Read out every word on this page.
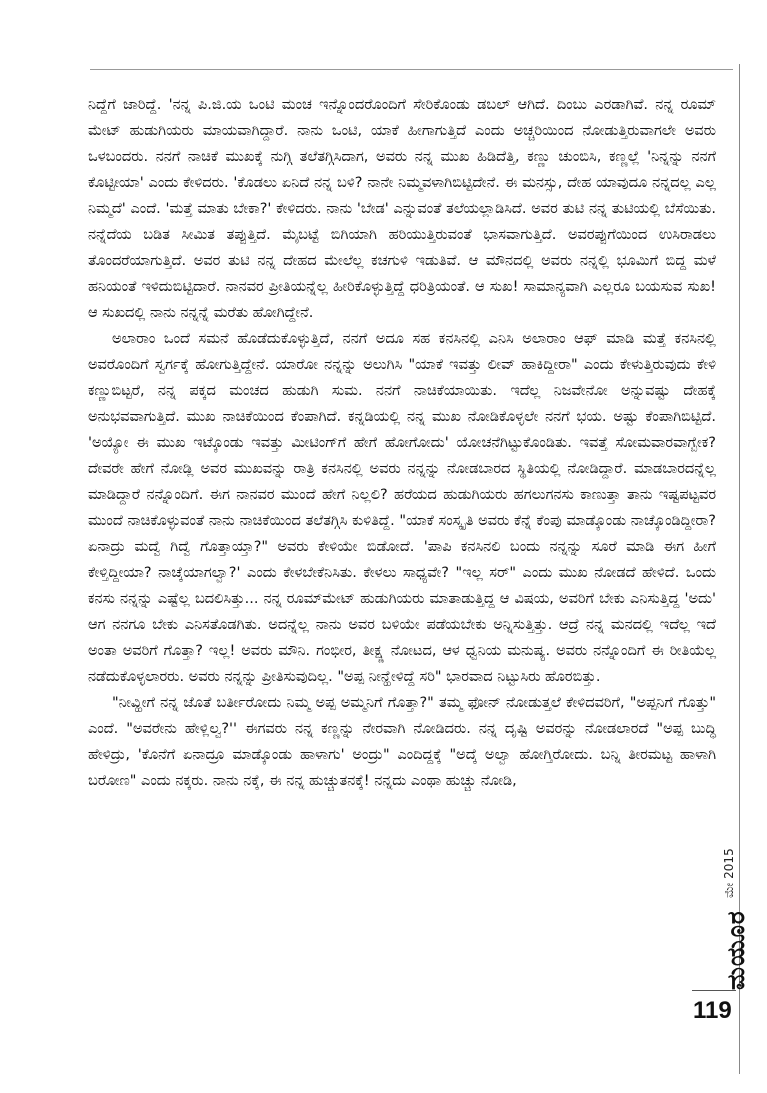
ನಿದ್ದೆಗೆ ಜಾರಿದ್ದೆ. 'ನನ್ನ ಪಿ.ಜಿ.ಯ ಒಂಟಿ ಮಂಚ ಇನ್ನೊಂದರೊಂದಿಗೆ ಸೇರಿಕೊಂಡು ಡಬಲ್ ಆಗಿದೆ. ದಿಂಬು ಎರಡಾಗಿವೆ. ನನ್ನ ರೂಮ್ ಮೇಟ್ ಹುಡುಗಿಯರು ಮಾಯವಾಗಿದ್ದಾರೆ. ನಾನು ಒಂಟಿ, ಯಾಕೆ ಹೀಗಾಗುತ್ತಿದೆ ಎಂದು ಅಚ್ಚರಿಯಿಂದ ನೋಡುತ್ತಿರುವಾಗಲೇ ಅವರು ಒಳಬಂದರು. ನನಗೆ ನಾಚಿಕೆ ಮುಖಕ್ಕೆ ನುಗ್ಗಿ ತಲೆತಗ್ಗಿಸಿದಾಗ, ಅವರು ನನ್ನ ಮುಖ ಹಿಡಿದೆತ್ತಿ, ಕಣ್ಣು ಚುಂಬಿಸಿ, ಕಣ್ಣಲ್ಲೆ 'ನಿನ್ನನ್ನು ನನಗೆ ಕೊಟ್ಟೀಯಾ' ಎಂದು ಕೇಳಿದರು. 'ಕೊಡಲು ಏನಿದೆ ನನ್ನ ಬಳಿ? ನಾನೇ ನಿಮ್ಮವಳಾಗಿಬಿಟ್ಟಿದೇನೆ. ಈ ಮನಸ್ಸು, ದೇಹ ಯಾವುದೂ ನನ್ನದಲ್ಲ ಎಲ್ಲ ನಿಮ್ಮದೆ' ಎಂದೆ. 'ಮತ್ತೆ ಮಾತು ಬೇಕಾ?' ಕೇಳಿದರು. ನಾನು 'ಬೇಡ' ಎನ್ನುವಂತೆ ತಲೆಯಲ್ಲಾಡಿಸಿದೆ. ಅವರ ತುಟಿ ನನ್ನ ತುಟಿಯಲ್ಲಿ ಬೆಸೆಯಿತು. ನನ್ನೆದೆಯ ಬಡಿತ ಸೀಮಿತ ತಪ್ಪುತ್ತಿದೆ. ಮೈಬಟ್ಟೆ ಬಿಗಿಯಾಗಿ ಹರಿಯುತ್ತಿರುವಂತೆ ಭಾಸವಾಗುತ್ತಿದೆ. ಅವರಪ್ಪುಗೆಯಿಂದ ಉಸಿರಾಡಲು ತೊಂದರೆಯಾಗುತ್ತಿದೆ. ಅವರ ತುಟಿ ನನ್ನ ದೇಹದ ಮೇಲೆಲ್ಲ ಕಚಗುಳಿ ಇಡುತಿವೆ. ಆ ಮೌನದಲ್ಲಿ ಅವರು ನನ್ನಲ್ಲಿ ಭೂಮಿಗೆ ಬಿದ್ದ ಮಳೆ ಹನಿಯಂತೆ ಇಳಿದುಬಿಟ್ಟಿದಾರೆ. ನಾನವರ ಪ್ರೀತಿಯನ್ನೆಲ್ಲ ಹೀರಿಕೊಳ್ಳುತ್ತಿದ್ದೆ ಧರಿತ್ರಿಯಂತೆ. ಆ ಸುಖ! ಸಾಮಾನ್ಯವಾಗಿ ಎಲ್ಲರೂ ಬಯಸುವ ಸುಖ! ಆ ಸುಖದಲ್ಲಿ ನಾನು ನನ್ನನ್ನೆ ಮರೆತು ಹೋಗಿದ್ದೇನೆ.

ಅಲಾರಾಂ ಒಂದೆ ಸಮನೆ ಹೊಡೆದುಕೊಳ್ಳುತ್ತಿದೆ, ನನಗೆ ಅದೂ ಸಹ ಕನಸಿನಲ್ಲಿ ಎನಿಸಿ ಅಲಾರಾಂ ಆಫ್ ಮಾಡಿ ಮತ್ತೆ ಕನಸಿನಲ್ಲಿ ಅವರೊಂದಿಗೆ ಸ್ವರ್ಗಕ್ಕೆ ಹೋಗುತ್ತಿದ್ದೇನೆ. ಯಾರೋ ನನ್ನನ್ನು ಅಲುಗಿಸಿ "ಯಾಕೆ ಇವತ್ತು ಲೀವ್ ಹಾಕಿದ್ದೀರಾ" ಎಂದು ಕೇಳುತ್ತಿರುವುದು ಕೇಳಿ ಕಣ್ಣುಬಿಟ್ಟರೆ, ನನ್ನ ಪಕ್ಕದ ಮಂಚದ ಹುಡುಗಿ ಸುಮ. ನನಗೆ ನಾಚಿಕೆಯಾಯಿತು. ಇದೆಲ್ಲ ನಿಜವೇನೋ ಅನ್ನುವಷ್ಟು ದೇಹಕ್ಕೆ ಅನುಭವವಾಗುತ್ತಿದೆ. ಮುಖ ನಾಚಿಕೆಯಿಂದ ಕೆಂಪಾಗಿದೆ. ಕನ್ನಡಿಯಲ್ಲಿ ನನ್ನ ಮುಖ ನೋಡಿಕೊಳ್ಳಲೇ ನನಗೆ ಭಯ. ಅಷ್ಟು ಕೆಂಪಾಗಿಬಿಟ್ಟಿದೆ. 'ಅಯ್ಯೋ ಈ ಮುಖ ಇಟ್ಕೊಂಡು ಇವತ್ತು ಮೀಟಿಂಗ್‌ಗೆ ಹೇಗೆ ಹೋಗೋದು' ಯೋಚನೆಗಿಟ್ಟುಕೊಂಡಿತು. ಇವತ್ತೆ ಸೋಮವಾರವಾಗ್ಬೇಕ? ದೇವರೇ ಹೇಗೆ ನೋಡ್ಲಿ ಅವರ ಮುಖವನ್ನು ರಾತ್ರಿ ಕನಸಿನಲ್ಲಿ ಅವರು ನನ್ನನ್ನು ನೋಡಬಾರದ ಸ್ಥಿತಿಯಲ್ಲಿ ನೋಡಿದ್ದಾರೆ. ಮಾಡಬಾರದನ್ನೆಲ್ಲ ಮಾಡಿದ್ದಾರೆ ನನ್ನೊಂದಿಗೆ. ಈಗ ನಾನವರ ಮುಂದೆ ಹೇಗೆ ನಿಲ್ಲಲಿ? ಹರೆಯದ ಹುಡುಗಿಯರು ಹಗಲುಗನಸು ಕಾಣುತ್ತಾ ತಾನು ಇಷ್ಟಪಟ್ಟವರ ಮುಂದೆ ನಾಚಿಕೊಳ್ಳುವಂತೆ ನಾನು ನಾಚಿಕೆಯಿಂದ ತಲೆತಗ್ಗಿಸಿ ಕುಳಿತಿದ್ದೆ. "ಯಾಕೆ ಸಂಸ್ಕೃತಿ ಅವರು ಕೆನ್ನೆ ಕೆಂಪು ಮಾಡ್ಕೊಂಡು ನಾಚ್ಕೊಂಡಿದ್ದೀರಾ? ಏನಾದ್ರು ಮದ್ವೆ ಗಿದ್ವೆ ಗೊತ್ತಾಯ್ತಾ?" ಅವರು ಕೇಳಿಯೇ ಬಿಡೋದೆ. 'ಪಾಪಿ ಕನಸಿನಲಿ ಬಂದು ನನ್ನನ್ನು ಸೂರೆ ಮಾಡಿ ಈಗ ಹೀಗೆ ಕೇಳ್ತಿದ್ದೀಯಾ? ನಾಚ್ಕೆಯಾಗಲ್ವಾ?' ಎಂದು ಕೇಳಬೇಕೆನಿಸಿತು. ಕೇಳಲು ಸಾಧ್ಯವೇ? "ಇಲ್ಲ ಸರ್" ಎಂದು ಮುಖ ನೋಡದೆ ಹೇಳಿದೆ. ಒಂದು ಕನಸು ನನ್ನನ್ನು ಎಷ್ಟೆಲ್ಲ ಬದಲಿಸಿತ್ತು... ನನ್ನ ರೂಮ್‌ಮೇಟ್ ಹುಡುಗಿಯರು ಮಾತಾಡುತ್ತಿದ್ದ ಆ ವಿಷಯ, ಅವರಿಗೆ ಬೇಕು ಎನಿಸುತ್ತಿದ್ದ 'ಅದು' ಆಗ ನನಗೂ ಬೇಕು ಎನಿಸತೊಡಗಿತು. ಅದನ್ನೆಲ್ಲ ನಾನು ಅವರ ಬಳಿಯೇ ಪಡೆಯಬೇಕು ಅನ್ನಿಸುತ್ತಿತ್ತು. ಆದ್ರೆ ನನ್ನ ಮನದಲ್ಲಿ ಇದೆಲ್ಲ ಇದೆ ಅಂತಾ ಅವರಿಗೆ ಗೊತ್ತಾ? ಇಲ್ಲ! ಅವರು ಮೌನಿ. ಗಂಭೀರ, ತೀಕ್ಷ್ಣ ನೋಟದ, ಆಳ ಧ್ವನಿಯ ಮನುಷ್ಯ. ಅವರು ನನ್ನೊಂದಿಗೆ ಈ ರೀತಿಯೆಲ್ಲ ನಡೆದುಕೊಳ್ಳಲಾರರು. ಅವರು ನನ್ನನ್ನು ಪ್ರೀತಿಸುವುದಿಲ್ಲ. "ಅಪ್ಪ ನೀನ್ಹೇಳಿದ್ದೆ ಸರಿ" ಭಾರವಾದ ನಿಟ್ಟುಸಿರು ಹೊರಬಿತ್ತು.

"ನೀವ್ಹೀಗೆ ನನ್ನ ಜೊತೆ ಬರ್ತೀರೋದು ನಿಮ್ಮ ಅಪ್ಪ ಅಮ್ಮನಿಗೆ ಗೊತ್ತಾ?" ತಮ್ಮ ಫೋನ್ ನೋಡುತ್ತಲೆ ಕೇಳಿದವರಿಗೆ, "ಅಪ್ಪನಿಗೆ ಗೊತ್ತು" ಎಂದೆ. "ಅವರೇನು ಹೇಳ್ಲಿಲ್ವ?'' ಈಗವರು ನನ್ನ ಕಣ್ಣನ್ನು ನೇರವಾಗಿ ನೋಡಿದರು. ನನ್ನ ದೃಷ್ಟಿ ಅವರನ್ನು ನೋಡಲಾರದೆ "ಅಪ್ಪ ಬುದ್ಧಿ ಹೇಳಿದ್ರು, 'ಕೊನೆಗೆ ಏನಾದ್ರೂ ಮಾಡ್ಕೊಂಡು ಹಾಳಾಗು' ಅಂದ್ರು" ಎಂದಿದ್ದಕ್ಕೆ "ಅದ್ಕೆ ಅಲ್ವಾ ಹೋಗ್ತಿರೋದು. ಬನ್ನಿ ತೀರಮಟ್ಟ ಹಾಳಾಗಿ ಬರೋಣ" ಎಂದು ನಕ್ಕರು. ನಾನು ನಕ್ಕೆ, ಈ ನನ್ನ ಹುಚ್ಚುತನಕ್ಕೆ! ನನ್ನದು ಎಂಥಾ ಹುಚ್ಚು ನೋಡಿ,

ಮಯೂರ
ಮೇ 2015
119
